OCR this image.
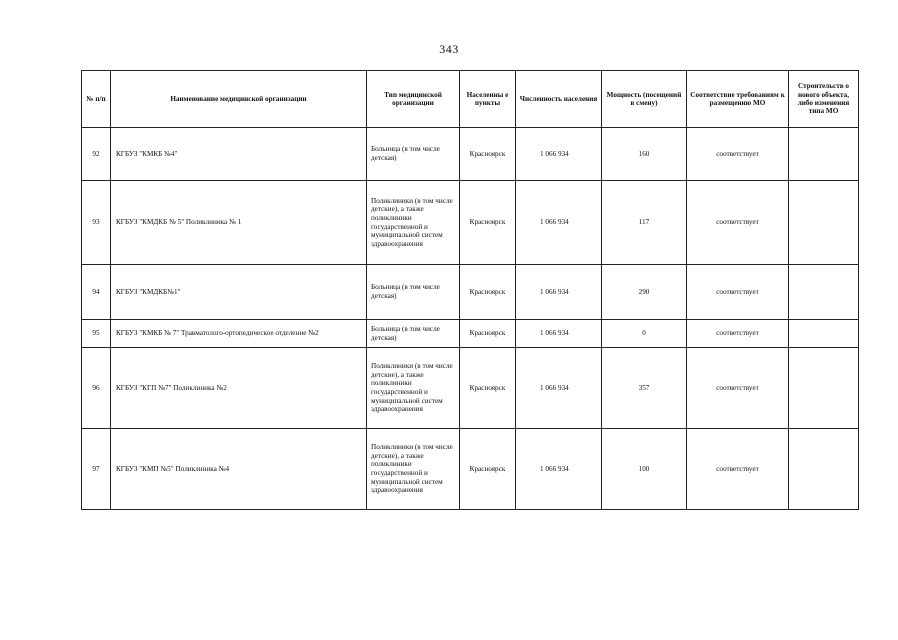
343
№ п/п	Наименование медицинской организации	Тип медицинской организации	Населенны е пункты	Численность населения	Мощность (посещений в смену)	Соответствие требованиям к размещению МО	Строительств о нового объекта, либо изменения типа МО
92	КГБУЗ "КМКБ №4"	Больница (в том числе детская)	Красноярск	1 066 934	160	соответствует	
93	КГБУЗ "КМДКБ № 5" Поликлиника № 1	Поликлиники (в том числе детские), а также поликлиники государственной и муниципальной систем здравоохранения	Красноярск	1 066 934	117	соответствует	
94	КГБУЗ "КМДКБ№1"	Больница (в том числе детская)	Красноярск	1 066 934	290	соответствует	
95	КГБУЗ "КМКБ № 7" Травматолого-ортопедическое отделение №2	Больница (в том числе детская)	Красноярск	1 066 934	0	соответствует	
96	КГБУЗ "КГП №7" Поликлиника №2	Поликлиники (в том числе детские), а также поликлиники государственной и муниципальной систем здравоохранения	Красноярск	1 066 934	357	соответствует	
97	КГБУЗ "КМП №5" Поликлиника №4	Поликлиники (в том числе детские), а также поликлиники государственной и муниципальной систем здравоохранения	Красноярск	1 066 934	100	соответствует	
